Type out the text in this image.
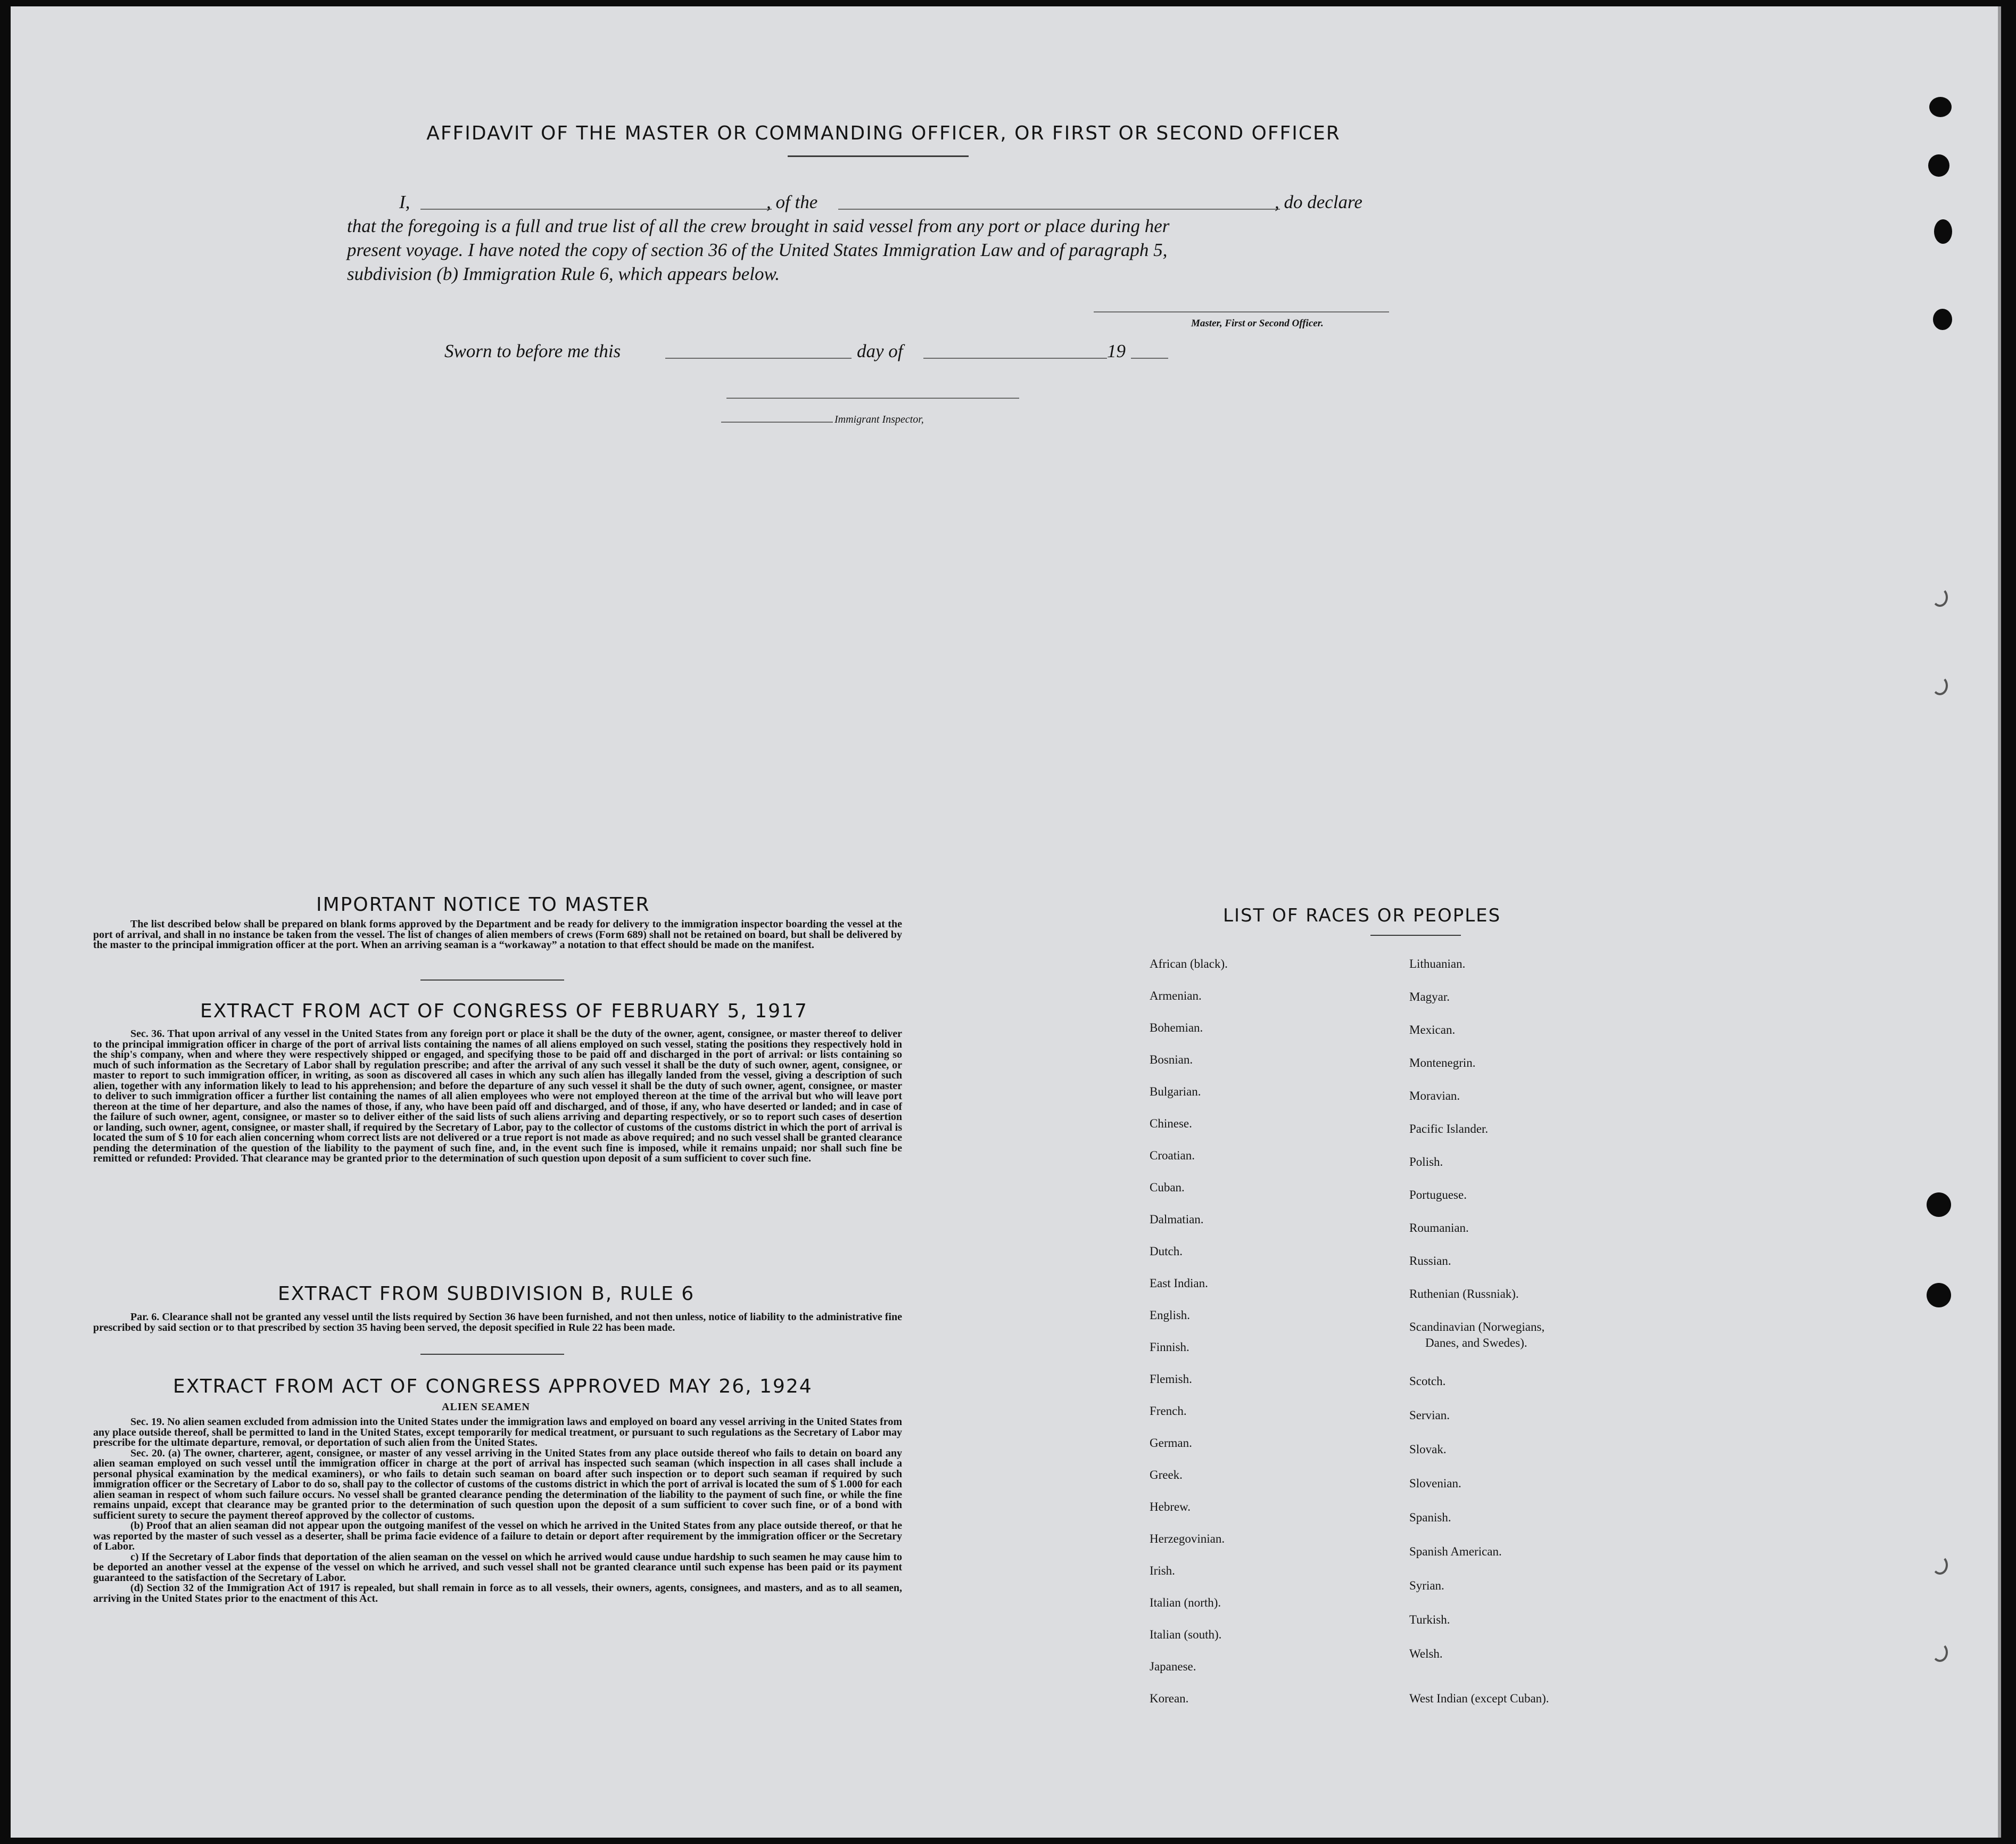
AFFIDAVIT OF THE MASTER OR COMMANDING OFFICER, OR FIRST OR SECOND OFFICER
I,	, of the	, do declare
that the foregoing is a full and true list of all the crew brought in said vessel from any port or place during her
present voyage. I have noted the copy of section 36 of the United States Immigration Law and of paragraph 5,
subdivision (b) Immigration Rule 6, which appears below.
Master, First or Second Officer.
Sworn to before me this	day of	19
Immigrant Inspector,
IMPORTANT NOTICE TO MASTER
The list described below shall be prepared on blank forms approved by the Department and be ready for delivery to the immigration inspector boarding the vessel at the port of arrival, and shall in no instance be taken from the vessel. The list of changes of alien members of crews (Form 689) shall not be retained on board, but shall be delivered by the master to the principal immigration officer at the port. When an arriving seaman is a “workaway” a notation to that effect should be made on the manifest.
EXTRACT FROM ACT OF CONGRESS OF FEBRUARY 5, 1917
Sec. 36. That upon arrival of any vessel in the United States from any foreign port or place it shall be the duty of the owner, agent, consignee, or master thereof to deliver to the principal immigration officer in charge of the port of arrival lists containing the names of all aliens employed on such vessel, stating the positions they respectively hold in the ship's company, when and where they were respectively shipped or engaged, and specifying those to be paid off and discharged in the port of arrival: or lists containing so much of such information as the Secretary of Labor shall by regulation prescribe; and after the arrival of any such vessel it shall be the duty of such owner, agent, consignee, or master to report to such immigration officer, in writing, as soon as discovered all cases in which any such alien has illegally landed from the vessel, giving a description of such alien, together with any information likely to lead to his apprehension; and before the departure of any such vessel it shall be the duty of such owner, agent, consignee, or master to deliver to such immigration officer a further list containing the names of all alien employees who were not employed thereon at the time of the arrival but who will leave port thereon at the time of her departure, and also the names of those, if any, who have been paid off and discharged, and of those, if any, who have deserted or landed; and in case of the failure of such owner, agent, consignee, or master so to deliver either of the said lists of such aliens arriving and departing respectively, or so to report such cases of desertion or landing, such owner, agent, consignee, or master shall, if required by the Secretary of Labor, pay to the collector of customs of the customs district in which the port of arrival is located the sum of $ 10 for each alien concerning whom correct lists are not delivered or a true report is not made as above required; and no such vessel shall be granted clearance pending the determination of the question of the liability to the payment of such fine, and, in the event such fine is imposed, while it remains unpaid; nor shall such fine be remitted or refunded: Provided. That clearance may be granted prior to the determination of such question upon deposit of a sum sufficient to cover such fine.
EXTRACT FROM SUBDIVISION B, RULE 6
Par. 6. Clearance shall not be granted any vessel until the lists required by Section 36 have been furnished, and not then unless, notice of liability to the administrative fine prescribed by said section or to that prescribed by section 35 having been served, the deposit specified in Rule 22 has been made.
EXTRACT FROM ACT OF CONGRESS APPROVED MAY 26, 1924
ALIEN SEAMEN

Sec. 19. No alien seamen excluded from admission into the United States under the immigration laws and employed on board any vessel arriving in the United States from any place outside thereof, shall be permitted to land in the United States, except temporarily for medical treatment, or pursuant to such regulations as the Secretary of Labor may prescribe for the ultimate departure, removal, or deportation of such alien from the United States.

Sec. 20. (a) The owner, charterer, agent, consignee, or master of any vessel arriving in the United States from any place outside thereof who fails to detain on board any alien seaman employed on such vessel until the immigration officer in charge at the port of arrival has inspected such seaman (which inspection in all cases shall include a personal physical examination by the medical examiners), or who fails to detain such seaman on board after such inspection or to deport such seaman if required by such immigration officer or the Secretary of Labor to do so, shall pay to the collector of customs of the customs district in which the port of arrival is located the sum of $ 1.000 for each alien seaman in respect of whom such failure occurs. No vessel shall be granted clearance pending the determination of the liability to the payment of such fine, or while the fine remains unpaid, except that clearance may be granted prior to the determination of such question upon the deposit of a sum sufficient to cover such fine, or of a bond with sufficient surety to secure the payment thereof approved by the collector of customs.

(b) Proof that an alien seaman did not appear upon the outgoing manifest of the vessel on which he arrived in the United States from any place outside thereof, or that he was reported by the master of such vessel as a deserter, shall be prima facie evidence of a failure to detain or deport after requirement by the immigration officer or the Secretary of Labor.

c) If the Secretary of Labor finds that deportation of the alien seaman on the vessel on which he arrived would cause undue hardship to such seamen he may cause him to be deported an another vessel at the expense of the vessel on which he arrived, and such vessel shall not be granted clearance until such expense has been paid or its payment guaranteed to the satisfaction of the Secretary of Labor.

(d) Section 32 of the Immigration Act of 1917 is repealed, but shall remain in force as to all vessels, their owners, agents, consignees, and masters, and as to all seamen, arriving in the United States prior to the enactment of this Act.

LIST OF RACES OR PEOPLES
African (black).
Armenian.
Bohemian.
Bosnian.
Bulgarian.
Chinese.
Croatian.
Cuban.
Dalmatian.
Dutch.
East Indian.
English.
Finnish.
Flemish.
French.
German.
Greek.
Hebrew.
Herzegovinian.
Irish.
Italian (north).
Italian (south).
Japanese.
Korean.
Lithuanian.
Magyar.
Mexican.
Montenegrin.
Moravian.
Pacific Islander.
Polish.
Portuguese.
Roumanian.
Russian.
Ruthenian (Russniak).
Scandinavian (Norwegians,
Danes, and Swedes).
Scotch.
Servian.
Slovak.
Slovenian.
Spanish.
Spanish American.
Syrian.
Turkish.
Welsh.
West Indian (except Cuban).
